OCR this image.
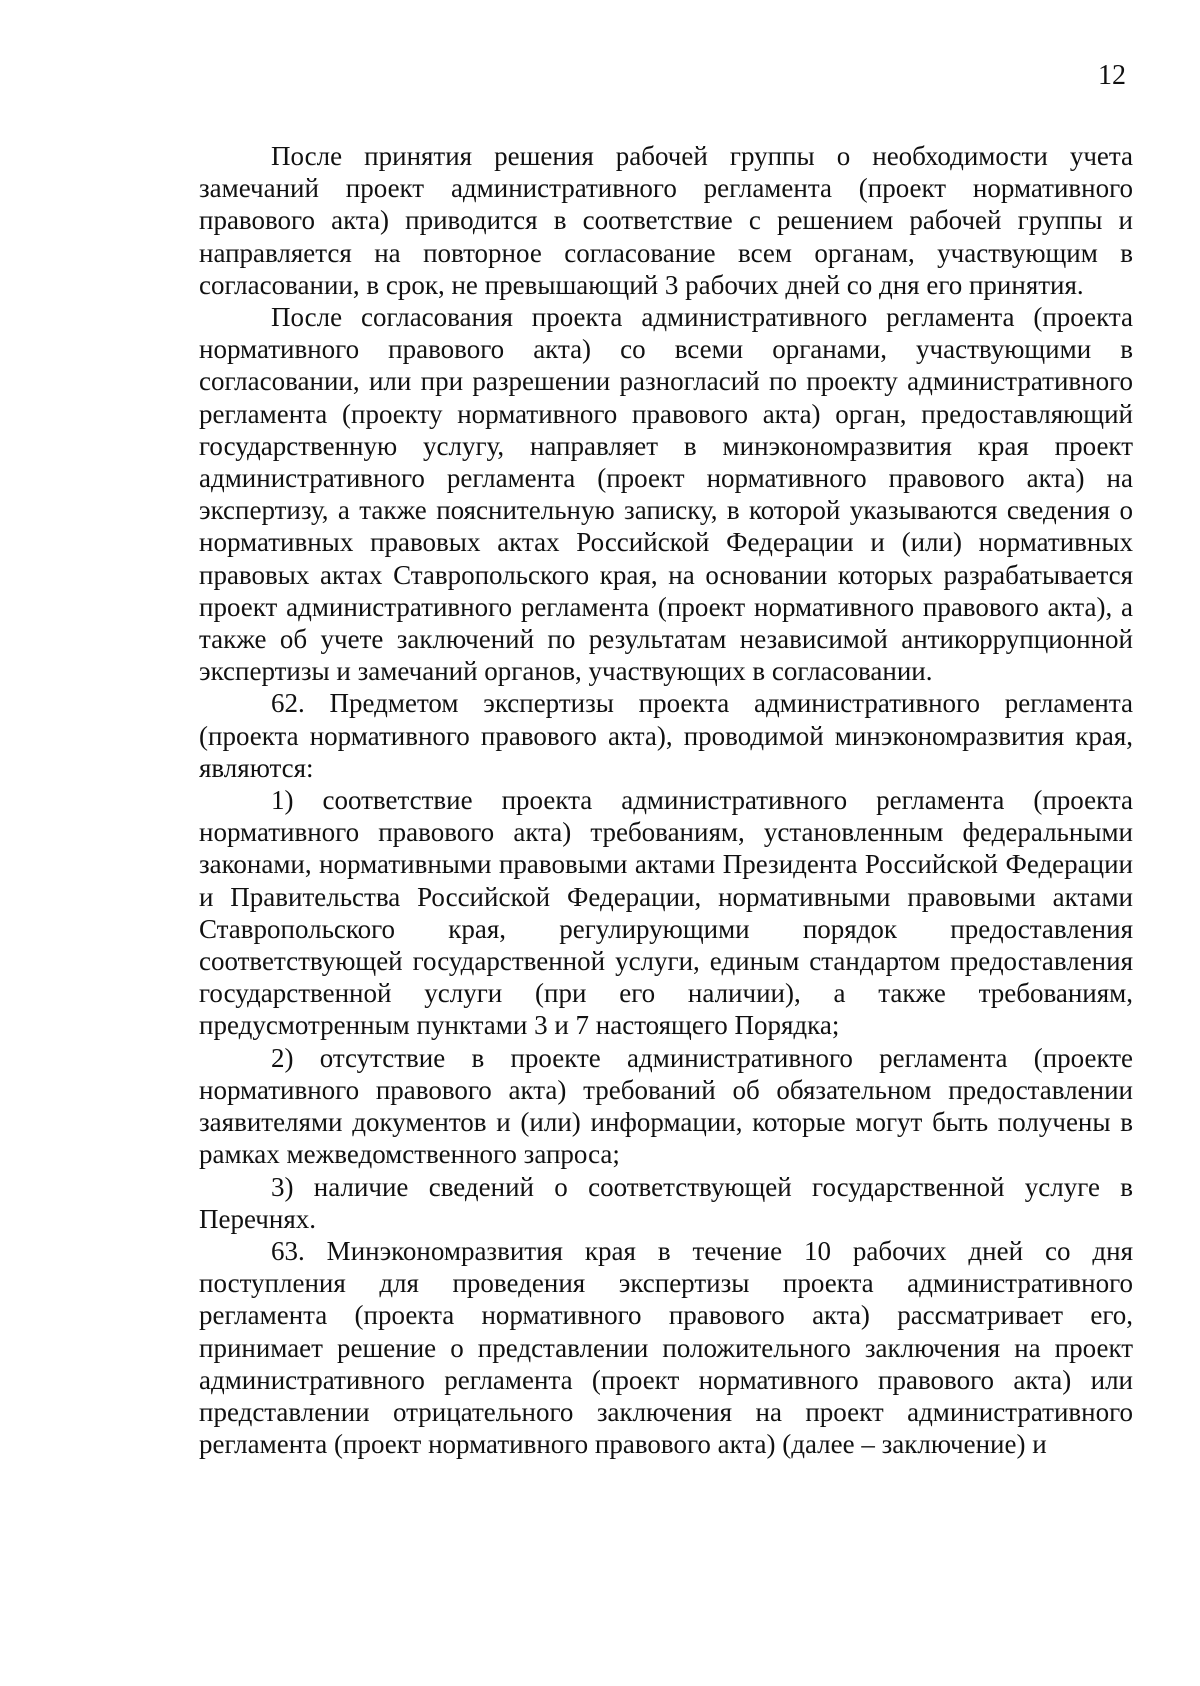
12

После принятия решения рабочей группы о необходимости учета замечаний проект административного регламента (проект нормативного правового акта) приводится в соответствие с решением рабочей группы и направляется на повторное согласование всем органам, участвующим в согласовании, в срок, не превышающий 3 рабочих дней со дня его принятия.

После согласования проекта административного регламента (проекта нормативного правового акта) со всеми органами, участвующими в согласовании, или при разрешении разногласий по проекту административного регламента (проекту нормативного правового акта) орган, предоставляющий государственную услугу, направляет в минэкономразвития края проект административного регламента (проект нормативного правового акта) на экспертизу, а также пояснительную записку, в которой указываются сведения о нормативных правовых актах Российской Федерации и (или) нормативных правовых актах Ставропольского края, на основании которых разрабатывается проект административного регламента (проект нормативного правового акта), а также об учете заключений по результатам независимой антикоррупционной экспертизы и замечаний органов, участвующих в согласовании.

62. Предметом экспертизы проекта административного регламента (проекта нормативного правового акта), проводимой минэкономразвития края, являются:

1) соответствие проекта административного регламента (проекта нормативного правового акта) требованиям, установленным федеральными законами, нормативными правовыми актами Президента Российской Федерации и Правительства Российской Федерации, нормативными правовыми актами Ставропольского края, регулирующими порядок предоставления соответствующей государственной услуги, единым стандартом предоставления государственной услуги (при его наличии), а также требованиям, предусмотренным пунктами 3 и 7 настоящего Порядка;

2) отсутствие в проекте административного регламента (проекте нормативного правового акта) требований об обязательном предоставлении заявителями документов и (или) информации, которые могут быть получены в рамках межведомственного запроса;

3) наличие сведений о соответствующей государственной услуге в Перечнях.

63. Минэкономразвития края в течение 10 рабочих дней со дня поступления для проведения экспертизы проекта административного регламента (проекта нормативного правового акта) рассматривает его, принимает решение о представлении положительного заключения на проект административного регламента (проект нормативного правового акта) или представлении отрицательного заключения на проект административного регламента (проект нормативного правового акта) (далее – заключение) и
